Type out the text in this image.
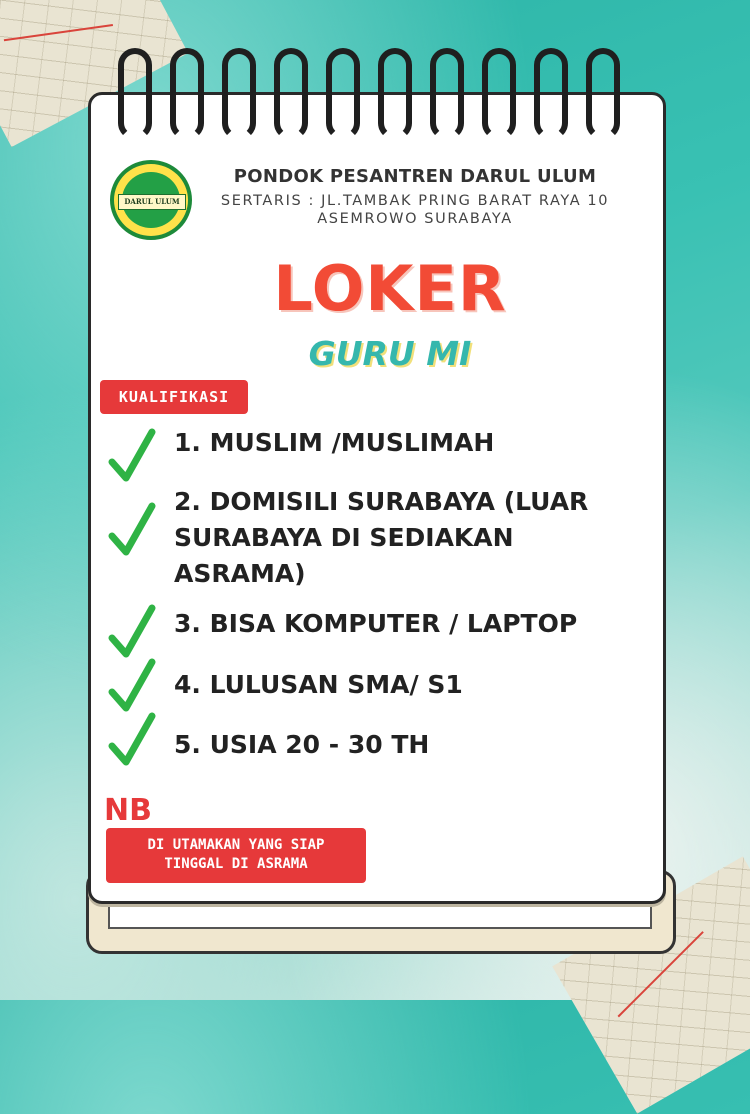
DARUL ULUM
PONDOK PESANTREN DARUL ULUM
SERTARIS : JL.TAMBAK PRING BARAT RAYA 10
ASEMROWO SURABAYA
LOKER
GURU MI
KUALIFIKASI
1. MUSLIM /MUSLIMAH
2. DOMISILI SURABAYA (LUAR SURABAYA DI SEDIAKAN ASRAMA)
3. BISA KOMPUTER / LAPTOP
4. LULUSAN SMA/ S1
5. USIA 20 - 30 TH
NB
DI UTAMAKAN YANG SIAP
TINGGAL DI ASRAMA
